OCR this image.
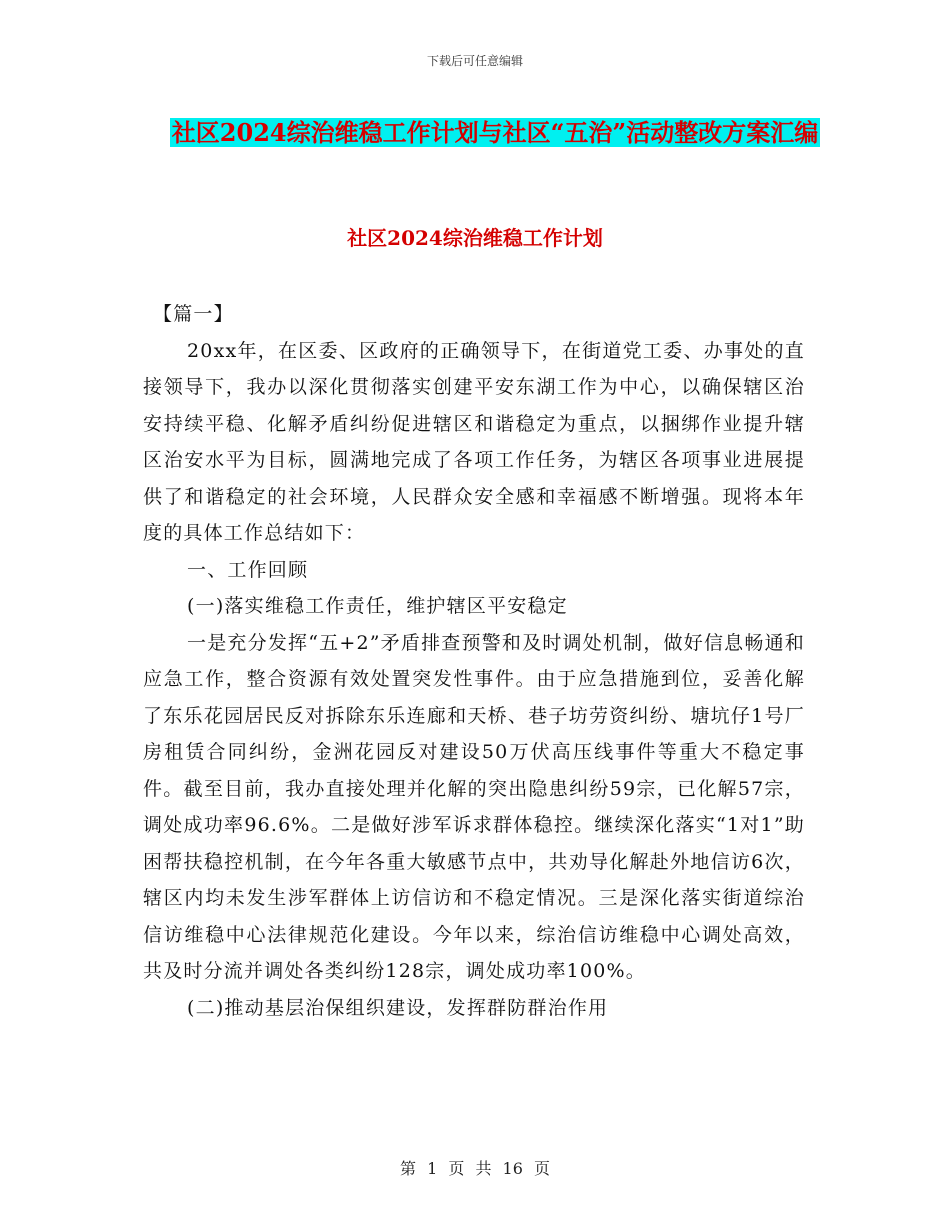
下载后可任意编辑
社区2024综治维稳工作计划与社区“五治”活动整改方案汇编
社区2024综治维稳工作计划

【篇一】

20xx年，在区委、区政府的正确领导下，在街道党工委、办事处的直接领导下，我办以深化贯彻落实创建平安东湖工作为中心，以确保辖区治安持续平稳、化解矛盾纠纷促进辖区和谐稳定为重点，以捆绑作业提升辖区治安水平为目标，圆满地完成了各项工作任务，为辖区各项事业进展提供了和谐稳定的社会环境，人民群众安全感和幸福感不断增强。现将本年度的具体工作总结如下：

一、工作回顾

(一)落实维稳工作责任，维护辖区平安稳定

一是充分发挥“五+2”矛盾排查预警和及时调处机制，做好信息畅通和应急工作，整合资源有效处置突发性事件。由于应急措施到位，妥善化解了东乐花园居民反对拆除东乐连廊和天桥、巷子坊劳资纠纷、塘坑仔1号厂房租赁合同纠纷，金洲花园反对建设50万伏高压线事件等重大不稳定事件。截至目前，我办直接处理并化解的突出隐患纠纷59宗，已化解57宗，调处成功率96.6%。二是做好涉军诉求群体稳控。继续深化落实“1对1”助困帮扶稳控机制，在今年各重大敏感节点中，共劝导化解赴外地信访6次，辖区内均未发生涉军群体上访信访和不稳定情况。三是深化落实街道综治信访维稳中心法律规范化建设。今年以来，综治信访维稳中心调处高效，共及时分流并调处各类纠纷128宗，调处成功率100%。

(二)推动基层治保组织建设，发挥群防群治作用

第 1 页 共 16 页
